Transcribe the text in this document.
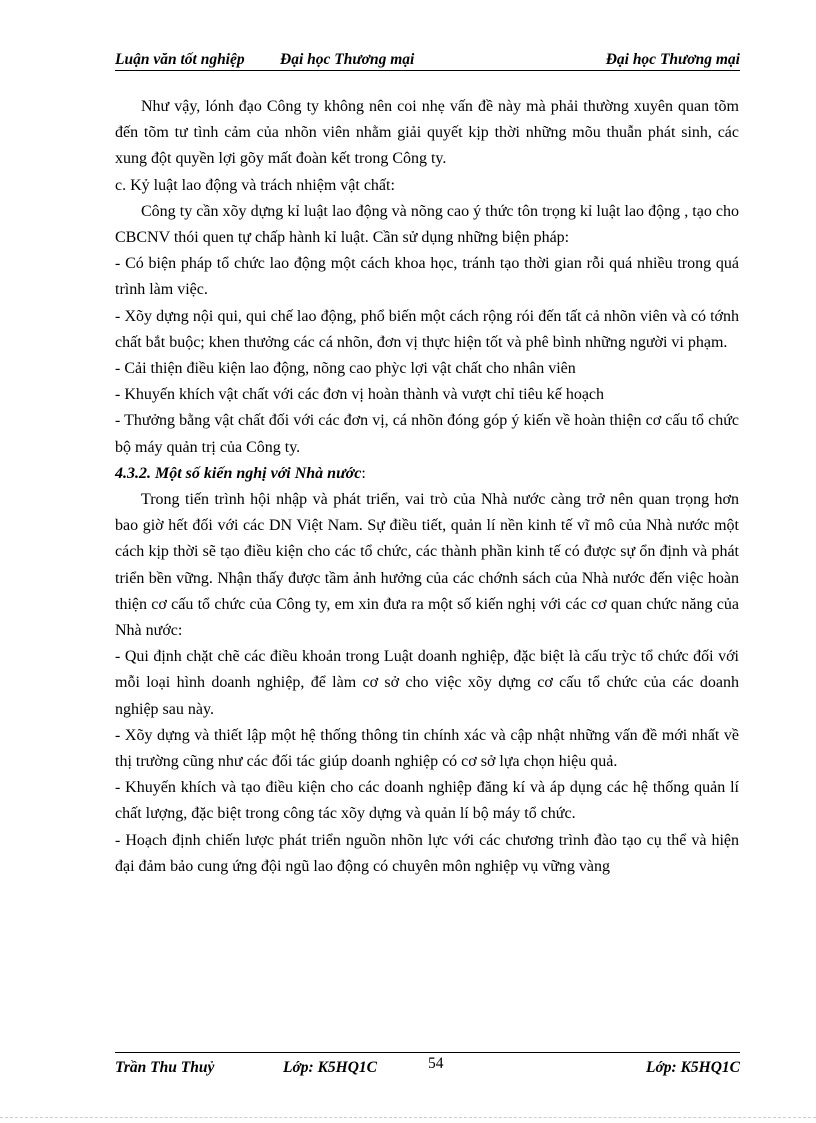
Luận văn tốt nghiệp Đại học Thương mại	Đại học Thương mại

Như vậy, lónh đạo Công ty không nên coi nhẹ vấn đề này mà phải thường xuyên quan tõm đến tõm tư tình cảm của nhõn viên nhằm giải quyết kịp thời những mõu thuẫn phát sinh, các xung đột quyền lợi gõy mất đoàn kết trong Công ty.

c. Kỷ luật lao động và trách nhiệm vật chất:

Công ty cần xõy dựng kỉ luật lao động và nõng cao ý thức tôn trọng kỉ luật lao động , tạo cho CBCNV thói quen tự chấp hành kỉ luật. Cần sử dụng những biện pháp:

- Có biện pháp tổ chức lao động một cách khoa học, tránh tạo thời gian rỗi quá nhiều trong quá trình làm việc.

- Xõy dựng nội qui, qui chế lao động, phổ biến một cách rộng rói đến tất cả nhõn viên và có tớnh chất bắt buộc; khen thưởng các cá nhõn, đơn vị thực hiện tốt và phê bình những người vi phạm.

- Cải thiện điều kiện lao động, nõng cao phỳc lợi vật chất cho nhân viên

- Khuyến khích vật chất với các đơn vị hoàn thành và vượt chỉ tiêu kế hoạch

- Thưởng bằng vật chất đối với các đơn vị, cá nhõn đóng góp ý kiến về hoàn thiện cơ cấu tổ chức bộ máy quản trị của Công ty.

4.3.2. Một số kiến nghị với Nhà nước:

Trong tiến trình hội nhập và phát triển, vai trò của Nhà nước càng trở nên quan trọng hơn bao giờ hết đối với các DN Việt Nam. Sự điều tiết, quản lí nền kinh tế vĩ mô của Nhà nước một cách kịp thời sẽ tạo điều kiện cho các tổ chức, các thành phần kinh tế có được sự ổn định và phát triển bền vững. Nhận thấy được tầm ảnh hưởng của các chớnh sách của Nhà nước đến việc hoàn thiện cơ cấu tổ chức của Công ty, em xin đưa ra một số kiến nghị với các cơ quan chức năng của Nhà nước:

- Qui định chặt chẽ các điều khoản trong Luật doanh nghiệp, đặc biệt là cấu trỳc tổ chức đối với mỗi loại hình doanh nghiệp, để làm cơ sở cho việc xõy dựng cơ cấu tổ chức của các doanh nghiệp sau này.

- Xõy dựng và thiết lập một hệ thống thông tin chính xác và cập nhật những vấn đề mới nhất về thị trường cũng như các đối tác giúp doanh nghiệp có cơ sở lựa chọn hiệu quả.

- Khuyến khích và tạo điều kiện cho các doanh nghiệp đăng kí và áp dụng các hệ thống quản lí chất lượng, đặc biệt trong công tác xõy dựng và quản lí bộ máy tổ chức.

- Hoạch định chiến lược phát triển nguồn nhõn lực với các chương trình đào tạo cụ thể và hiện đại đảm bảo cung ứng đội ngũ lao động có chuyên môn nghiệp vụ vững vàng

Trần Thu Thuỷ	Lớp: K5HQ1C	54	Lớp: K5HQ1C
